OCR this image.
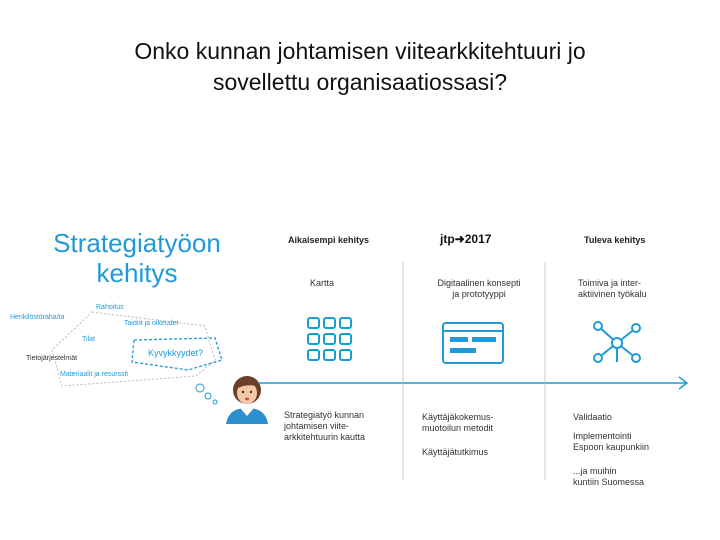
Onko kunnan johtamisen viitearkkitehtuuri jo
sovellettu organisaatiossasi?
Strategiatyöon
kehitys
Rahoitus
Henkilöstöraha/ta
Taidot ja oikeudet
Tilat
Tietojärjestelmät
Kyvykkyydet?
Materiaalit ja resurssit
Aikaisempi kehitys
Kartta
Strategiatyö kunnan
johtamisen viite-
arkkitehtuurin kautta
jtp➜2017
Digitaalinen konsepti
ja prototyyppi
Käyttäjäkokemus-
muotoilun metodit
Käyttäjätutkimus
Tuleva kehitys
Toimiva ja inter-
aktiivinen työkalu
Validaatio
Implementointi
Espoon kaupunkiin
...ja muihin
kuntiin Suomessa
